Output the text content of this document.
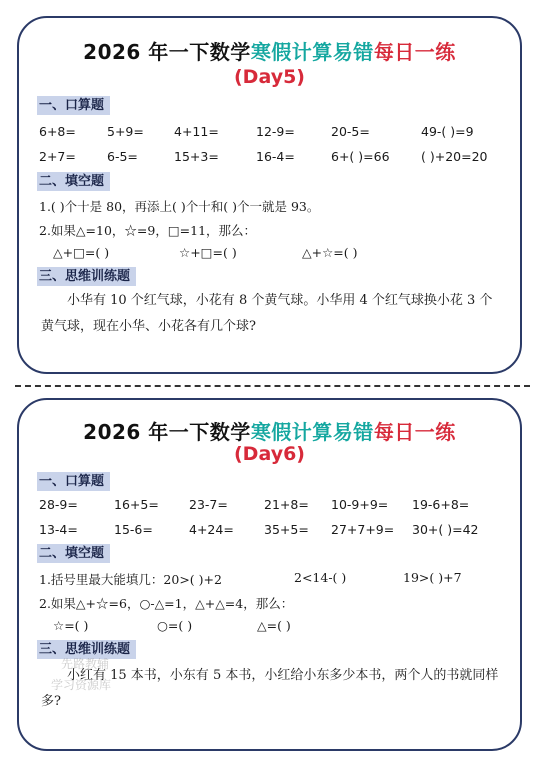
2026 年一下数学寒假计算易错每日一练
(Day5)
一、口算题
6+8= 5+9= 4+11=	12-9=	20-5=	49-( )=9
2+7= 6-5=	15+3=	16-4=	6+( )=66	( )+20=20
二、填空题
1.( )个十是 80，再添上( )个十和( )个一就是 93。
2.如果△=10，☆=9，□=11，那么：
△+□=( )	☆+□=( )	△+☆=( )
三、思维训练题
小华有 10 个红气球，小花有 8 个黄气球。小华用 4 个红气球换小花 3 个黄气球，现在小华、小花各有几个球?
2026 年一下数学寒假计算易错每日一练
(Day6)
一、口算题
28-9=	16+5= 23-7=	21+8= 10-9+9= 19-6+8=
13-4=	15-6=	4+24= 35+5= 27+7+9= 30+( )=42
二、填空题
1.括号里最大能填几：20>( )+2	2<14-( )	19>( )+7
2.如果△+☆=6，○-△=1，△+△=4，那么：
☆=( )	○=( )	△=( )
三、思维训练题
小红有 15 本书，小东有 5 本书，小红给小东多少本书，两个人的书就同样多?
先路教辅
学习资源库
